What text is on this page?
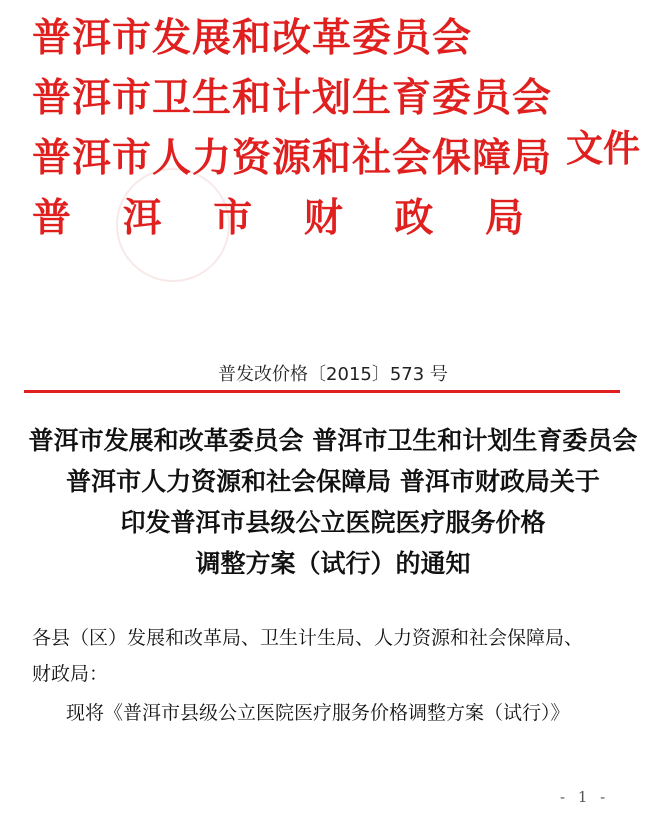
普洱市发展和改革委员会
普洱市卫生和计划生育委员会
普洱市人力资源和社会保障局
普 洱 市 财 政 局
文件
普发改价格〔2015〕573 号
普洱市发展和改革委员会 普洱市卫生和计划生育委员会
普洱市人力资源和社会保障局 普洱市财政局关于
印发普洱市县级公立医院医疗服务价格
调整方案（试行）的通知
各县（区）发展和改革局、卫生计生局、人力资源和社会保障局、
财政局：
现将《普洱市县级公立医院医疗服务价格调整方案（试行）》
- 1 -
